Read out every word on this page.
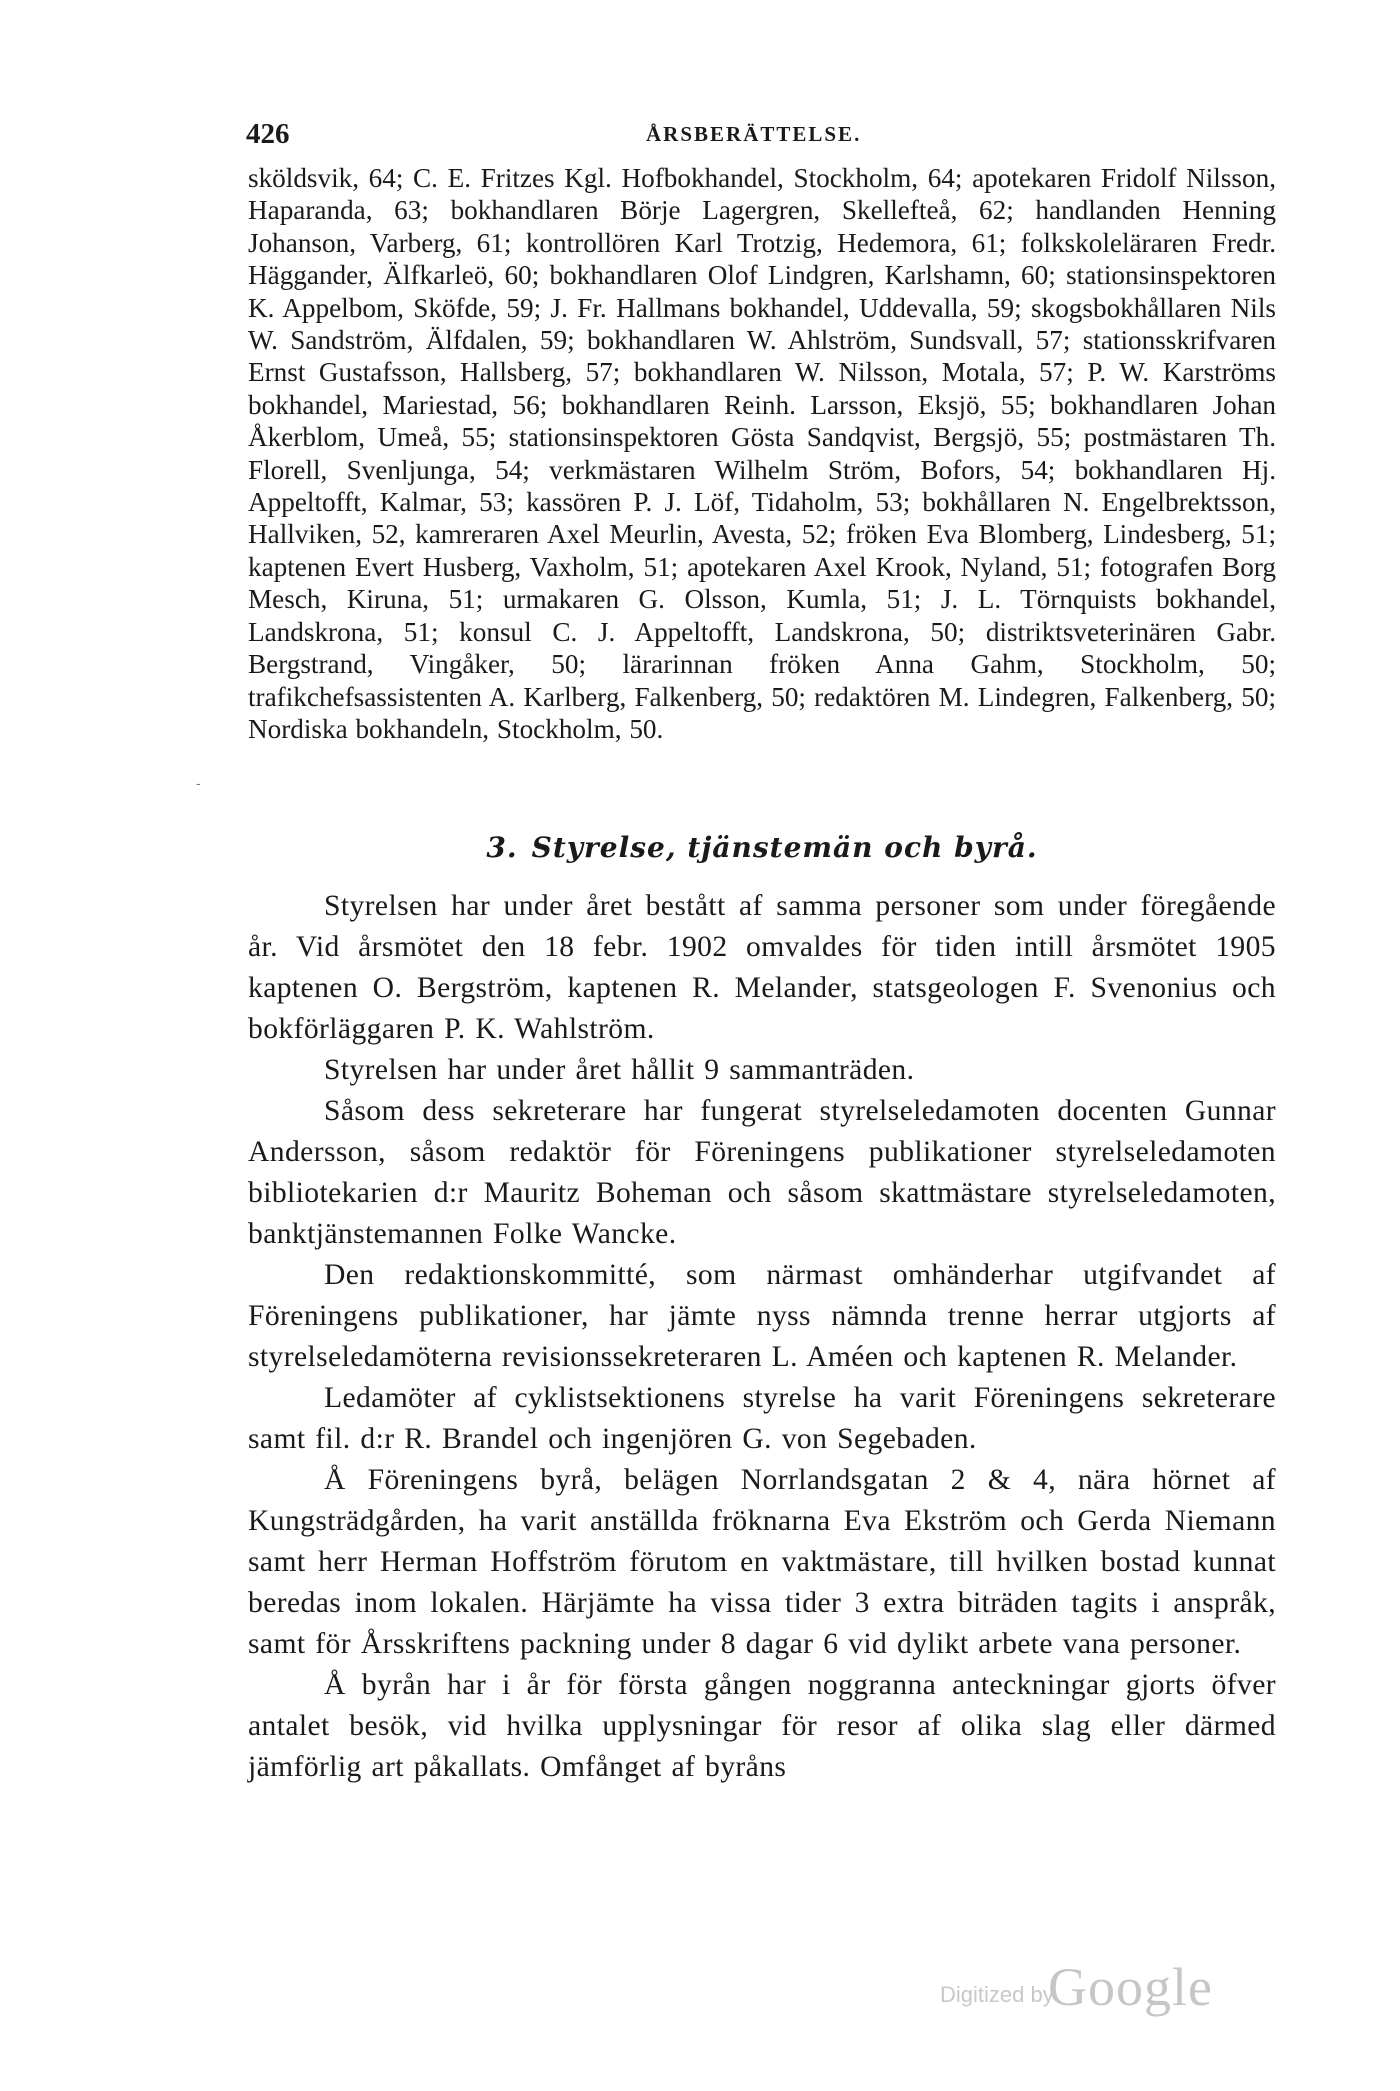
426	ÅRSBERÄTTELSE.

sköldsvik, 64; C. E. Fritzes Kgl. Hofbokhandel, Stockholm, 64; apotekaren Fridolf Nilsson, Haparanda, 63; bokhandlaren Börje Lagergren, Skellefteå, 62; handlanden Henning Johanson, Varberg, 61; kontrollören Karl Trotzig, Hedemora, 61; folkskoleläraren Fredr. Häggander, Älfkarleö, 60; bokhandlaren Olof Lindgren, Karlshamn, 60; stationsinspektoren K. Appelbom, Sköfde, 59; J. Fr. Hallmans bokhandel, Uddevalla, 59; skogsbokhållaren Nils W. Sandström, Älfdalen, 59; bokhandlaren W. Ahlström, Sundsvall, 57; stationsskrifvaren Ernst Gustafsson, Hallsberg, 57; bokhandlaren W. Nilsson, Motala, 57; P. W. Karströms bokhandel, Mariestad, 56; bokhandlaren Reinh. Larsson, Eksjö, 55; bokhandlaren Johan Åkerblom, Umeå, 55; stationsinspektoren Gösta Sandqvist, Bergsjö, 55; postmästaren Th. Florell, Svenljunga, 54; verkmästaren Wilhelm Ström, Bofors, 54; bokhandlaren Hj. Appeltofft, Kalmar, 53; kassören P. J. Löf, Tidaholm, 53; bokhållaren N. Engelbrektsson, Hallviken, 52, kamreraren Axel Meurlin, Avesta, 52; fröken Eva Blomberg, Lindesberg, 51; kaptenen Evert Husberg, Vaxholm, 51; apotekaren Axel Krook, Nyland, 51; fotografen Borg Mesch, Kiruna, 51; urmakaren G. Olsson, Kumla, 51; J. L. Törnquists bokhandel, Landskrona, 51; konsul C. J. Appeltofft, Landskrona, 50; distriktsveterinären Gabr. Bergstrand, Vingåker, 50; lärarinnan fröken Anna Gahm, Stockholm, 50; trafikchefsassistenten A. Karlberg, Falkenberg, 50; redaktören M. Lindegren, Falkenberg, 50; Nordiska bokhandeln, Stockholm, 50.

3. Styrelse, tjänstemän och byrå.

Styrelsen har under året bestått af samma personer som under föregående år. Vid årsmötet den 18 febr. 1902 omvaldes för tiden intill årsmötet 1905 kaptenen O. Bergström, kaptenen R. Melander, statsgeologen F. Svenonius och bokförläggaren P. K. Wahlström.

Styrelsen har under året hållit 9 sammanträden.

Såsom dess sekreterare har fungerat styrelseledamoten docenten Gunnar Andersson, såsom redaktör för Föreningens publikationer styrelseledamoten bibliotekarien d:r Mauritz Boheman och såsom skattmästare styrelseledamoten, banktjänstemannen Folke Wancke.

Den redaktionskommitté, som närmast omhänderhar utgifvandet af Föreningens publikationer, har jämte nyss nämnda trenne herrar utgjorts af styrelseledamöterna revisionssekreteraren L. Améen och kaptenen R. Melander.

Ledamöter af cyklistsektionens styrelse ha varit Föreningens sekreterare samt fil. d:r R. Brandel och ingenjören G. von Segebaden.

Å Föreningens byrå, belägen Norrlandsgatan 2 & 4, nära hörnet af Kungsträdgården, ha varit anställda fröknarna Eva Ekström och Gerda Niemann samt herr Herman Hoffström förutom en vaktmästare, till hvilken bostad kunnat beredas inom lokalen. Härjämte ha vissa tider 3 extra biträden tagits i anspråk, samt för Årsskriftens packning under 8 dagar 6 vid dylikt arbete vana personer.

Å byrån har i år för första gången noggranna anteckningar gjorts öfver antalet besök, vid hvilka upplysningar för resor af olika slag eller därmed jämförlig art påkallats. Omfånget af byråns

-
Digitized by
Google
